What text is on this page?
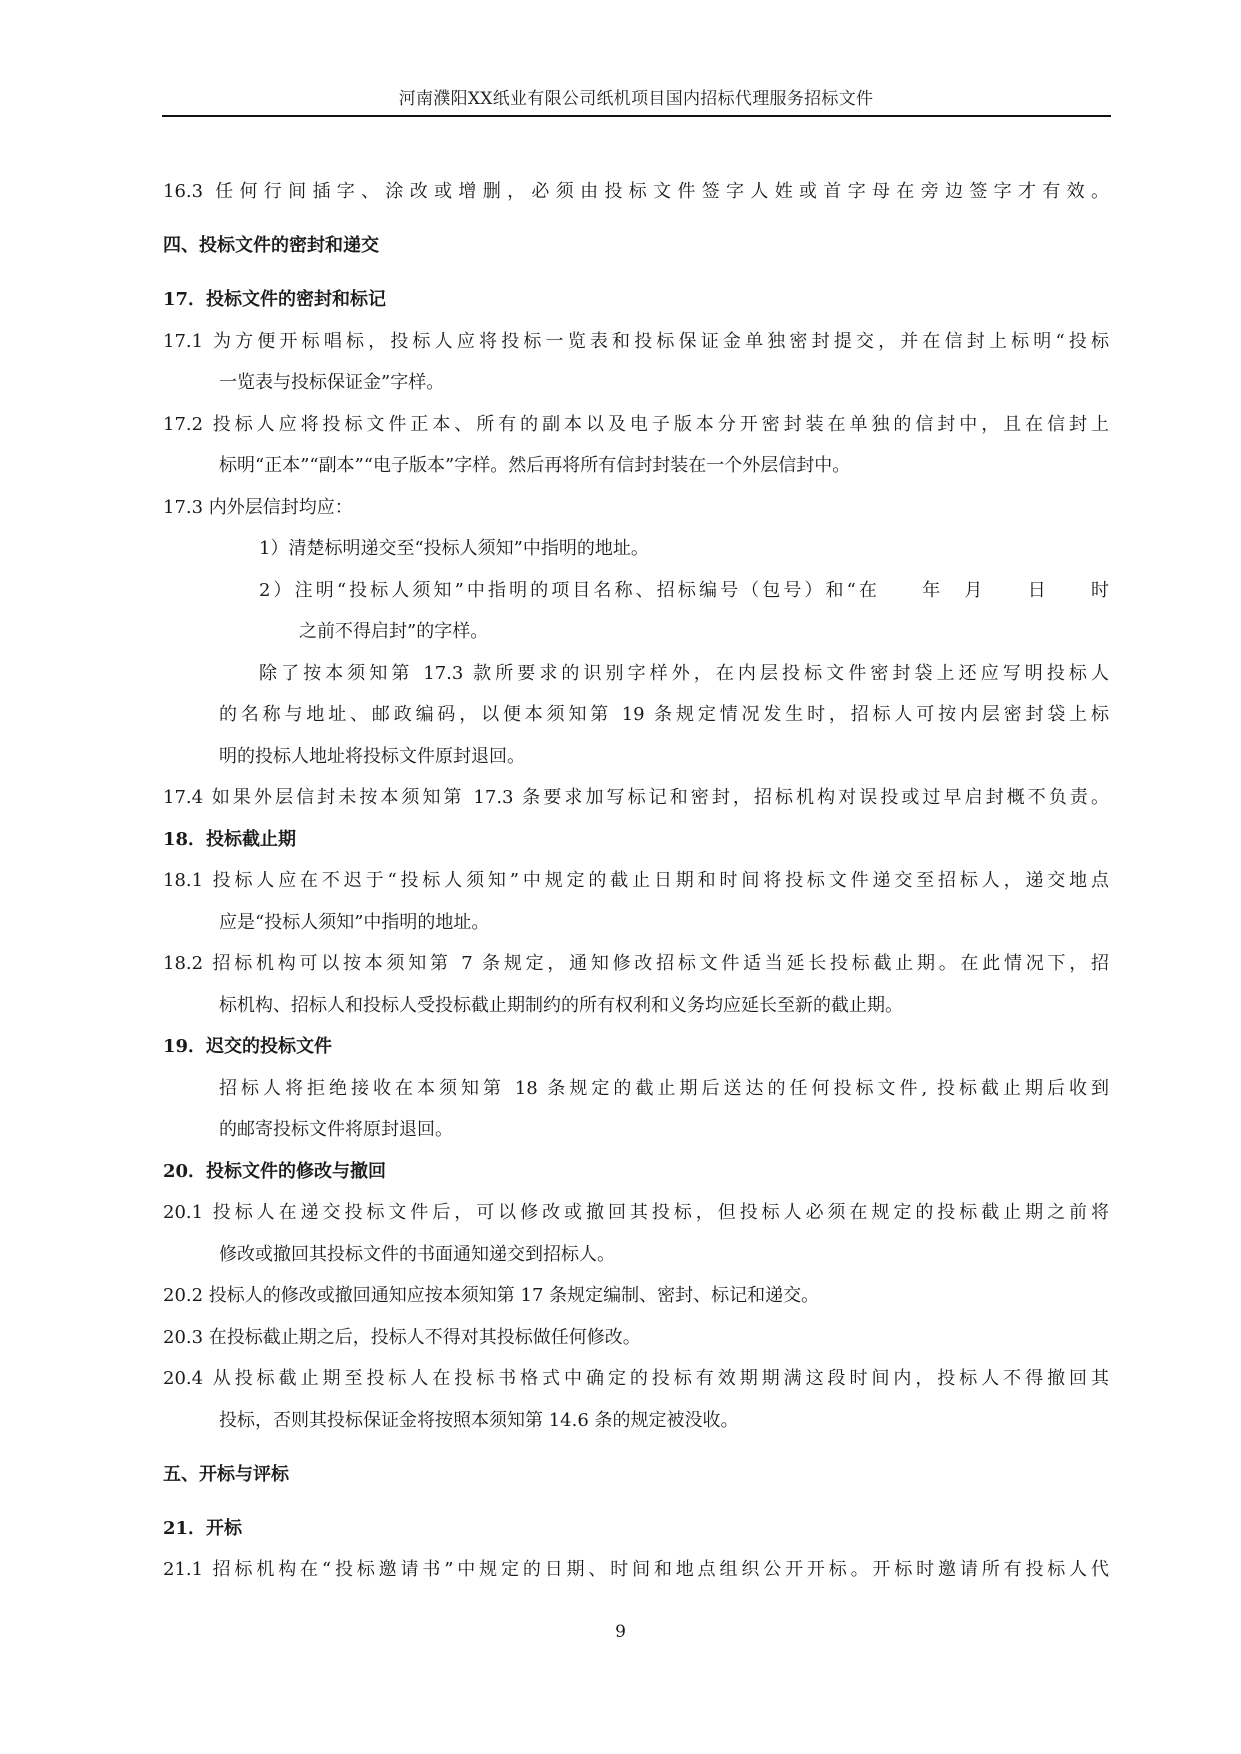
河南濮阳XX纸业有限公司纸机项目国内招标代理服务招标文件
16.3 任何行间插字、涂改或增删，必须由投标文件签字人姓或首字母在旁边签字才有效。
四、投标文件的密封和递交
17．投标文件的密封和标记
17.1 为方便开标唱标，投标人应将投标一览表和投标保证金单独密封提交，并在信封上标明“投标
一览表与投标保证金”字样。
17.2 投标人应将投标文件正本、所有的副本以及电子版本分开密封装在单独的信封中，且在信封上
标明“正本”“副本”“电子版本”字样。然后再将所有信封封装在一个外层信封中。
17.3 内外层信封均应：
1）清楚标明递交至“投标人须知”中指明的地址。
2）注明“投标人须知”中指明的项目名称、招标编号（包号）和“在　　年　月　　日　　时
之前不得启封”的字样。
除了按本须知第 17.3 款所要求的识别字样外，在内层投标文件密封袋上还应写明投标人
的名称与地址、邮政编码，以便本须知第 19 条规定情况发生时，招标人可按内层密封袋上标
明的投标人地址将投标文件原封退回。
17.4 如果外层信封未按本须知第 17.3 条要求加写标记和密封，招标机构对误投或过早启封概不负责。
18．投标截止期
18.1 投标人应在不迟于“投标人须知”中规定的截止日期和时间将投标文件递交至招标人，递交地点
应是“投标人须知”中指明的地址。
18.2 招标机构可以按本须知第 7 条规定，通知修改招标文件适当延长投标截止期。在此情况下，招
标机构、招标人和投标人受投标截止期制约的所有权利和义务均应延长至新的截止期。
19．迟交的投标文件
招标人将拒绝接收在本须知第 18 条规定的截止期后送达的任何投标文件, 投标截止期后收到
的邮寄投标文件将原封退回。
20．投标文件的修改与撤回
20.1 投标人在递交投标文件后，可以修改或撤回其投标，但投标人必须在规定的投标截止期之前将
修改或撤回其投标文件的书面通知递交到招标人。
20.2 投标人的修改或撤回通知应按本须知第 17 条规定编制、密封、标记和递交。
20.3 在投标截止期之后，投标人不得对其投标做任何修改。
20.4 从投标截止期至投标人在投标书格式中确定的投标有效期期满这段时间内，投标人不得撤回其
投标，否则其投标保证金将按照本须知第 14.6 条的规定被没收。
五、开标与评标
21．开标
21.1 招标机构在“投标邀请书”中规定的日期、时间和地点组织公开开标。开标时邀请所有投标人代
9
